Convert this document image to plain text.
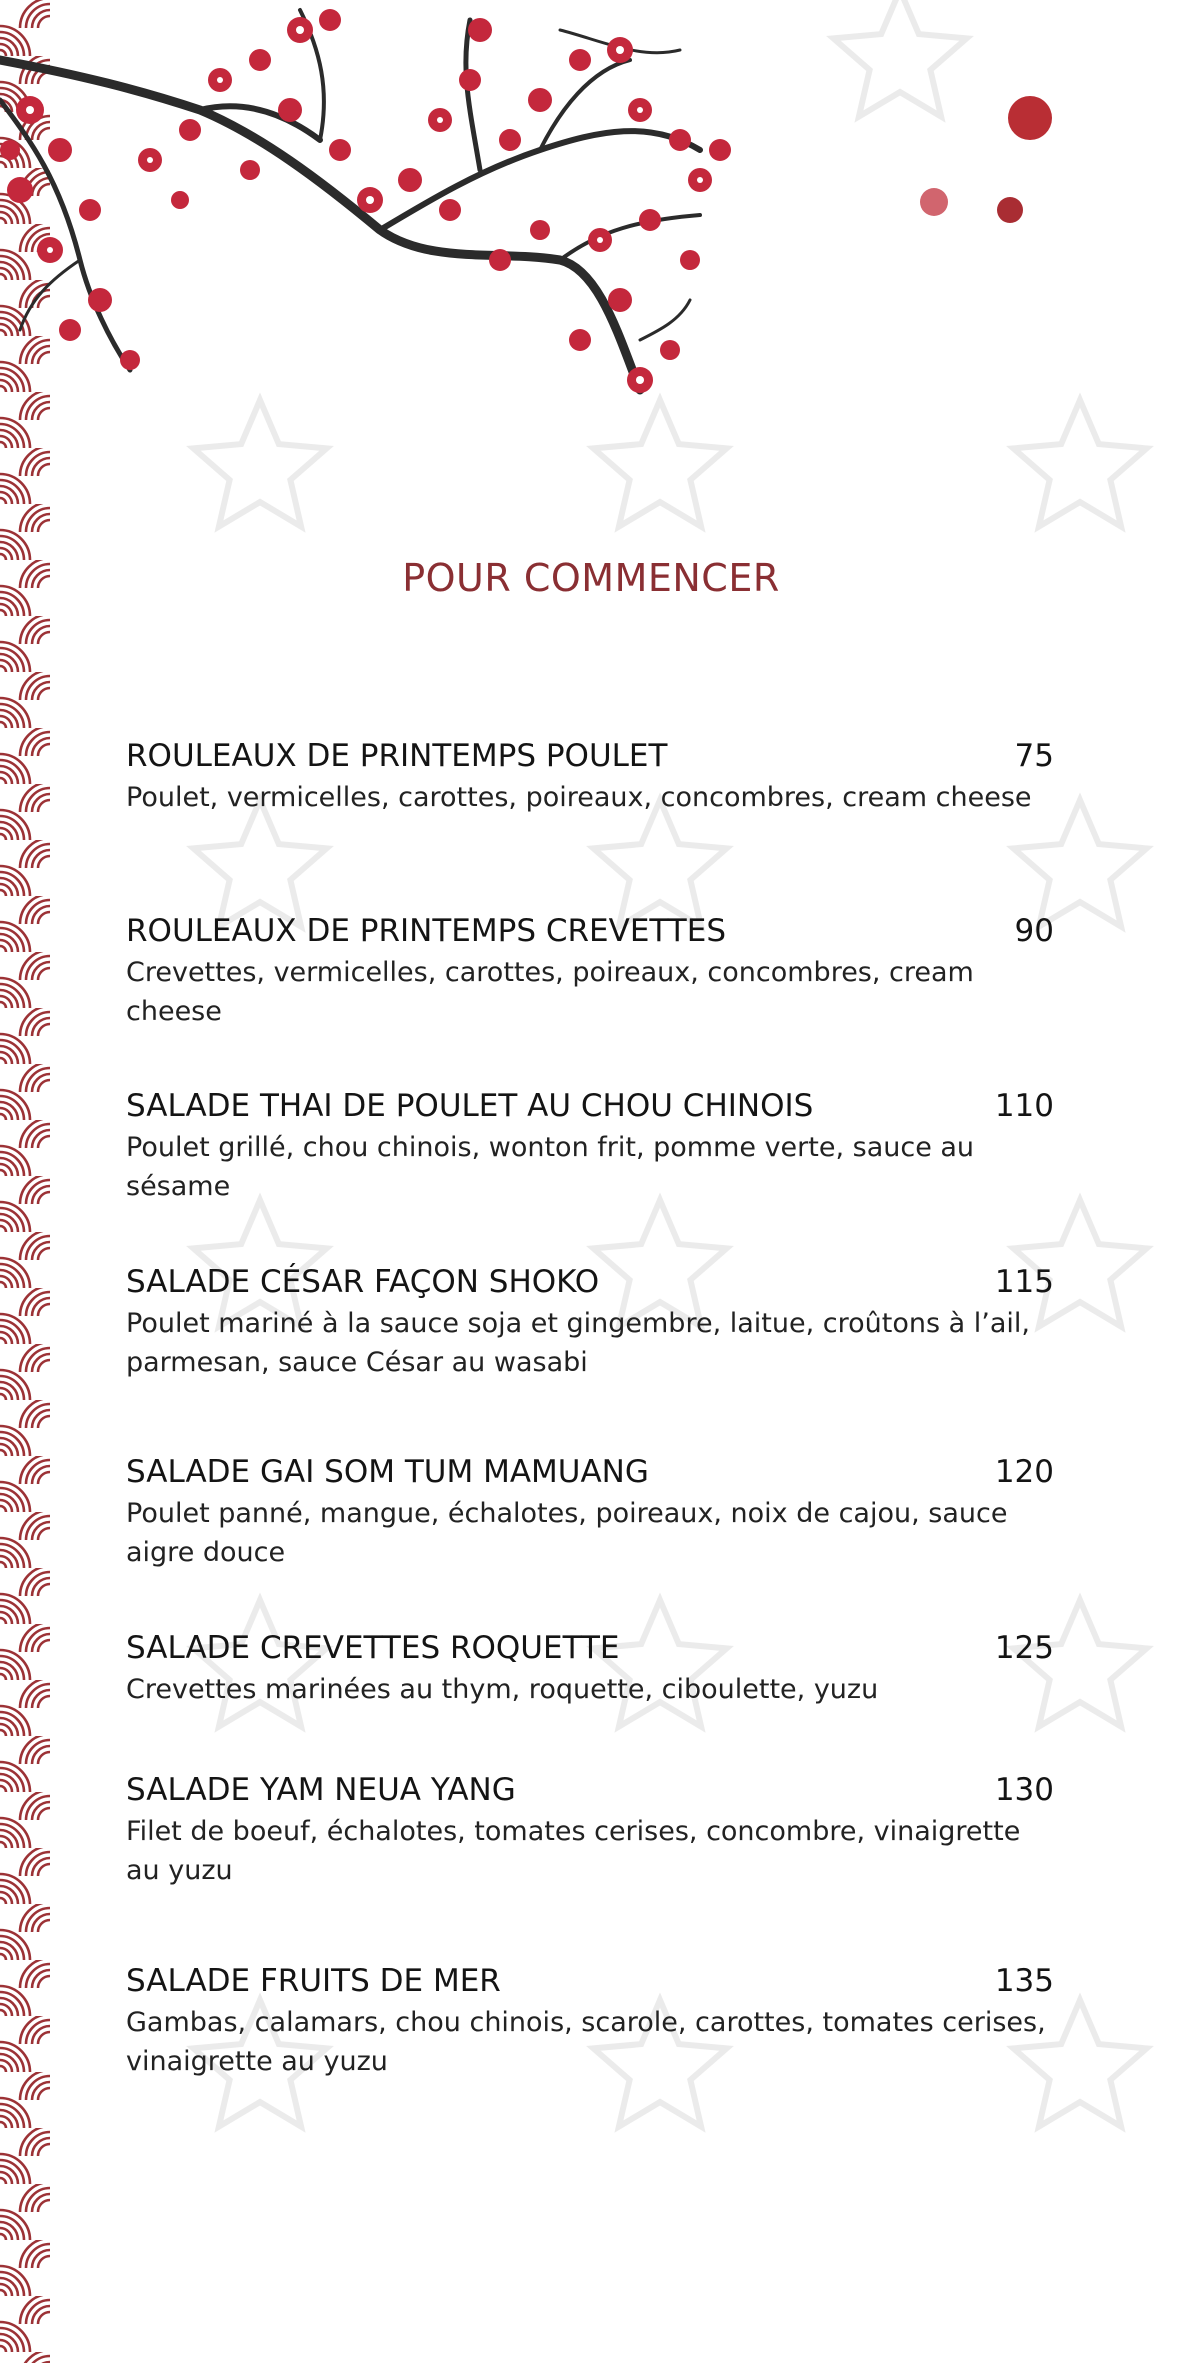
POUR COMMENCER
ROULEAUX DE PRINTEMPS POULET	75
Poulet, vermicelles, carottes, poireaux, concombres, cream cheese
ROULEAUX DE PRINTEMPS CREVETTES	90
Crevettes, vermicelles, carottes, poireaux, concombres, cream cheese
SALADE THAI DE POULET AU CHOU CHINOIS	110
Poulet grillé, chou chinois, wonton frit, pomme verte, sauce au sésame
SALADE CÉSAR FAÇON SHOKO	115
Poulet mariné à la sauce soja et gingembre, laitue, croûtons à l’ail, parmesan, sauce César au wasabi
SALADE GAI SOM TUM MAMUANG	120
Poulet panné, mangue, échalotes, poireaux, noix de cajou, sauce aigre douce
SALADE CREVETTES ROQUETTE	125
Crevettes marinées au thym, roquette, ciboulette, yuzu
SALADE YAM NEUA YANG	130
Filet de boeuf, échalotes, tomates cerises, concombre, vinaigrette au yuzu
SALADE FRUITS DE MER	135
Gambas, calamars, chou chinois, scarole, carottes, tomates cerises, vinaigrette au yuzu
